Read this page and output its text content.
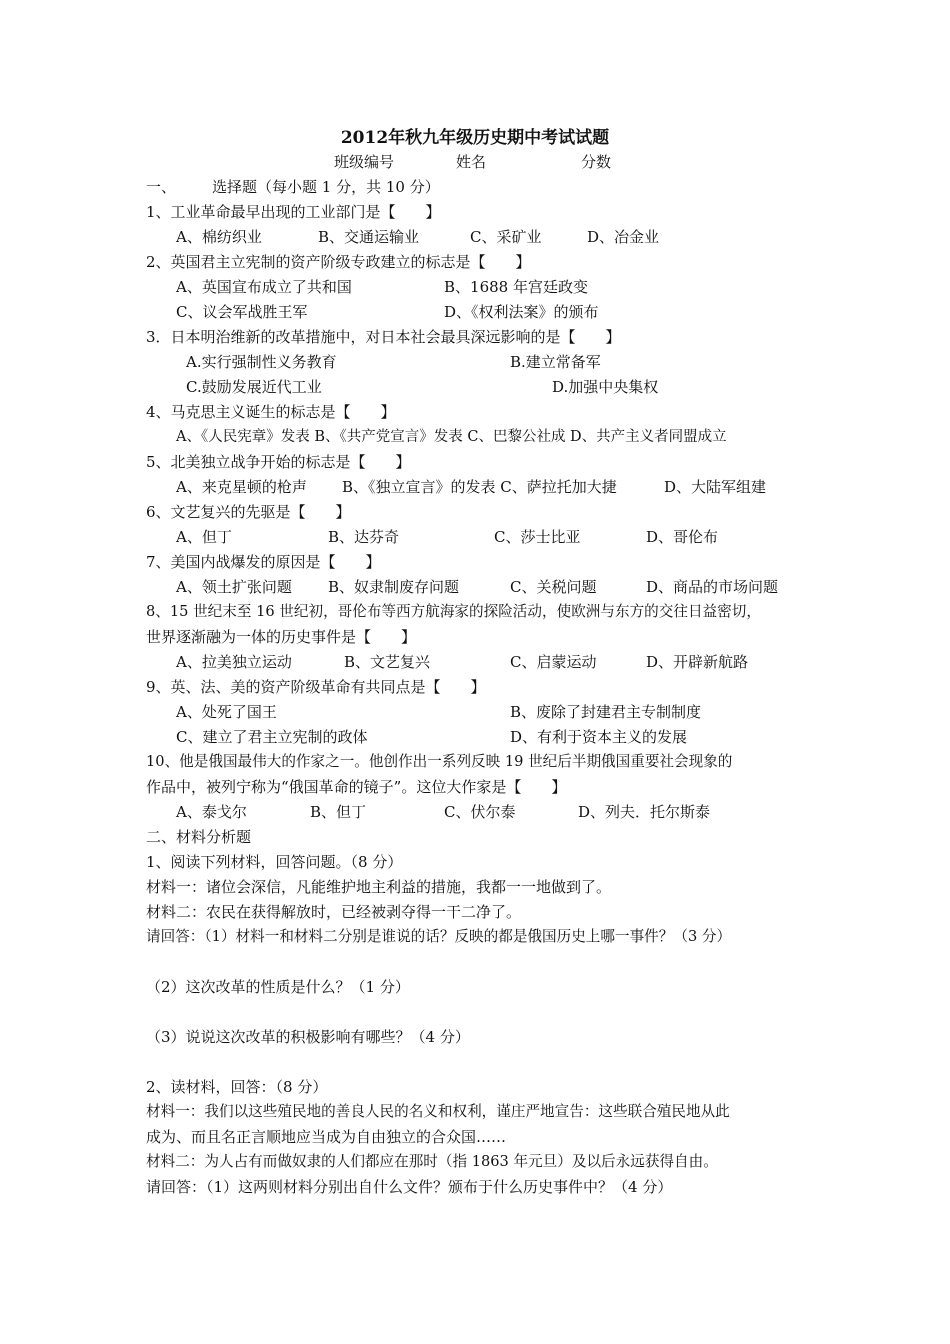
2012年秋九年级历史期中考试试题
班级编号	姓名	分数
一、 选择题（每小题 1 分，共 10 分）
1、工业革命最早出现的工业部门是【　　】
A、棉纺织业	B、交通运输业	C、采矿业	D、冶金业
2、英国君主立宪制的资产阶级专政建立的标志是【　　】
A、英国宣布成立了共和国	B、1688 年宫廷政变
C、议会军战胜王军	D、《权利法案》的颁布
3．日本明治维新的改革措施中，对日本社会最具深远影响的是【　　】
A.实行强制性义务教育	B.建立常备军
C.鼓励发展近代工业	D.加强中央集权
4、马克思主义诞生的标志是【　　】
A、《人民宪章》发表 B、《共产党宣言》发表 C、巴黎公社成 D、共产主义者同盟成立
5、北美独立战争开始的标志是【　　】
A、来克星顿的枪声 B、《独立宣言》的发表 C、萨拉托加大捷	D、大陆军组建
6、文艺复兴的先驱是【　　】
A、但丁	B、达芬奇	C、莎士比亚	D、哥伦布
7、美国内战爆发的原因是【　　】
A、领土扩张问题 B、奴隶制废存问题	C、关税问题	D、商品的市场问题
8、15 世纪末至 16 世纪初，哥伦布等西方航海家的探险活动，使欧洲与东方的交往日益密切，
世界逐渐融为一体的历史事件是【　　】
A、拉美独立运动	B、文艺复兴	C、启蒙运动	D、开辟新航路
9、英、法、美的资产阶级革命有共同点是【　　】
A、处死了国王	B、废除了封建君主专制制度
C、建立了君主立宪制的政体	D、有利于资本主义的发展
10、他是俄国最伟大的作家之一。他创作出一系列反映 19 世纪后半期俄国重要社会现象的
作品中，被列宁称为“俄国革命的镜子”。这位大作家是【　　】
A、泰戈尔	B、但丁	C、伏尔泰	D、列夫．托尔斯泰
二、材料分析题
1、阅读下列材料，回答问题。（8 分）
材料一：诸位会深信，凡能维护地主利益的措施，我都一一地做到了。
材料二：农民在获得解放时，已经被剥夺得一干二净了。
请回答：（1）材料一和材料二分别是谁说的话？反映的都是俄国历史上哪一事件？（3 分）
（2）这次改革的性质是什么？（1 分）
（3）说说这次改革的积极影响有哪些？（4 分）
2、读材料，回答：（8 分）
材料一：我们以这些殖民地的善良人民的名义和权利，谨庄严地宣告：这些联合殖民地从此
成为、而且名正言顺地应当成为自由独立的合众国……
材料二：为人占有而做奴隶的人们都应在那时（指 1863 年元旦）及以后永远获得自由。
请回答：（1）这两则材料分别出自什么文件？颁布于什么历史事件中？（4 分）
